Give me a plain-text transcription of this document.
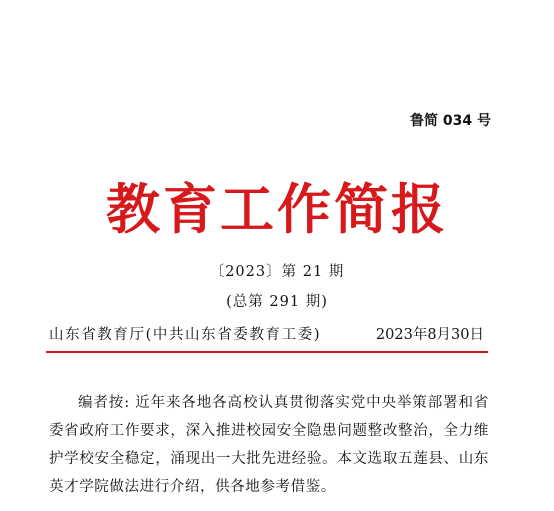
鲁简 034 号
教育工作简报
〔2023〕第 21 期
(总第 291 期)
山东省教育厅(中共山东省委教育工委)	2023年8月30日

编者按: 近年来各地各高校认真贯彻落实党中央举策部署和省委省政府工作要求，深入推进校园安全隐患问题整改整治，全力维护学校安全稳定，涌现出一大批先进经验。本文选取五莲县、山东英才学院做法进行介绍，供各地参考借鉴。
